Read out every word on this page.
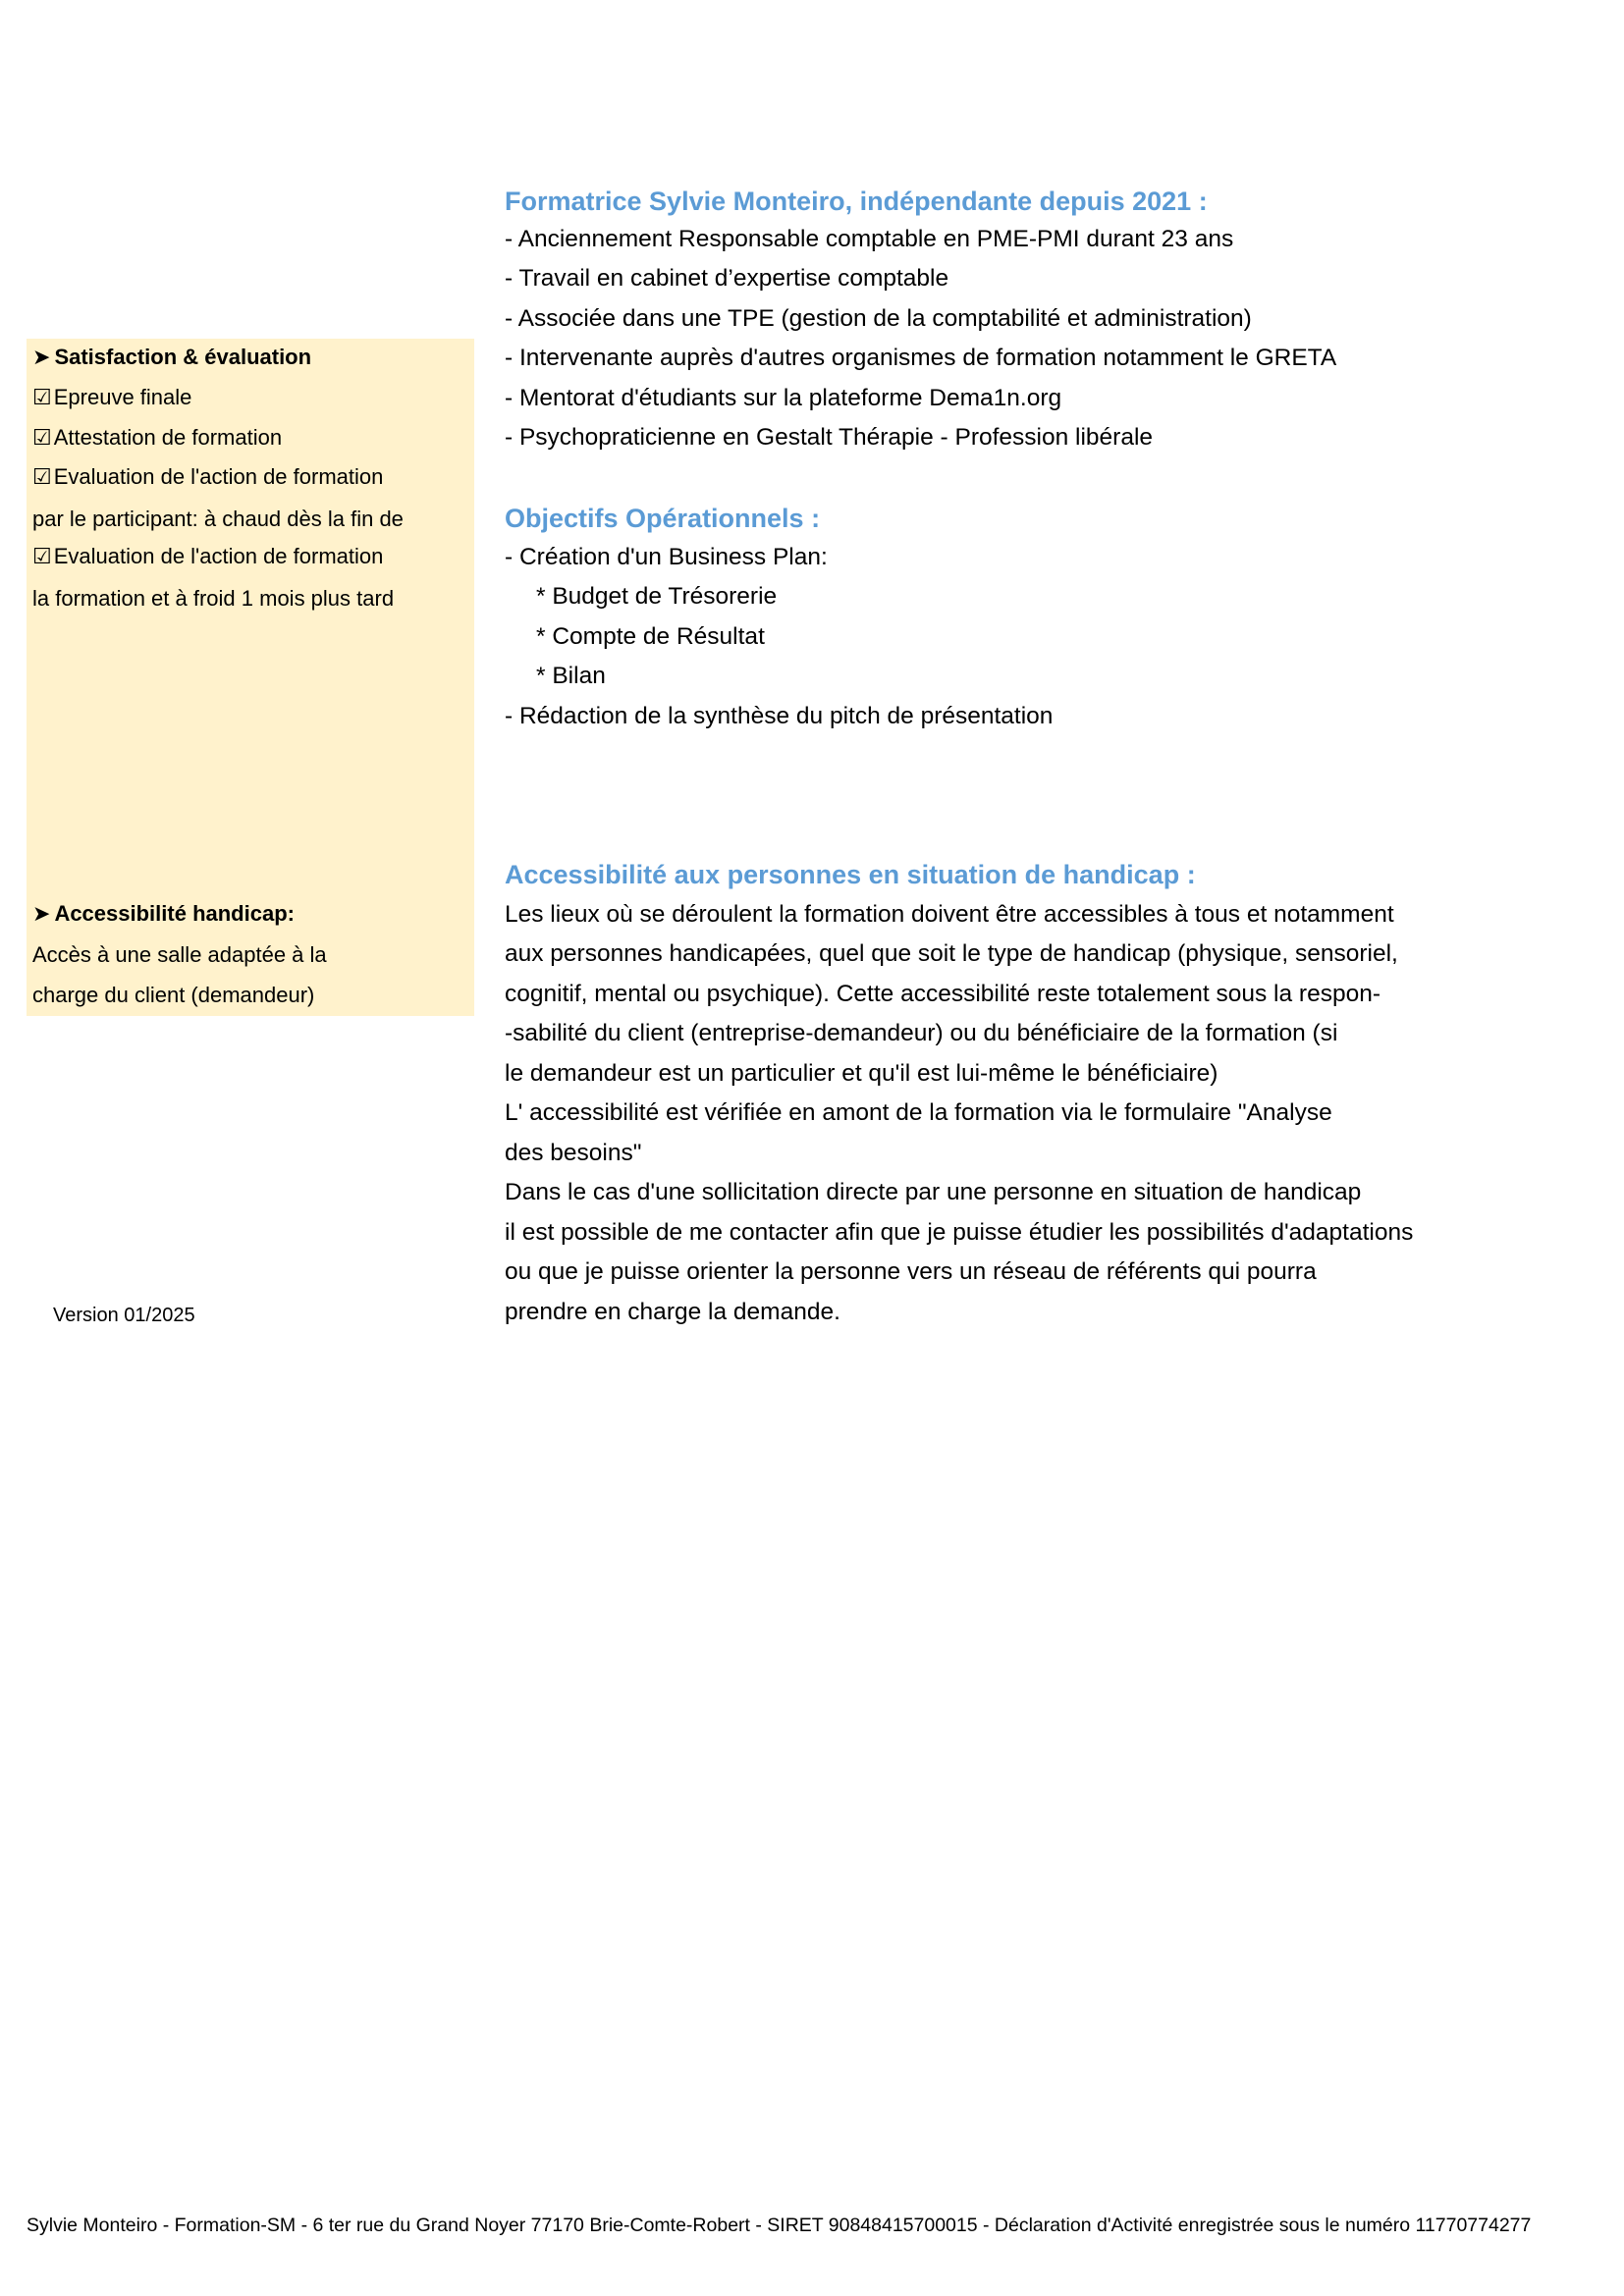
➤ Satisfaction & évaluation
☑Epreuve finale
☑Attestation de formation
☑Evaluation de l'action de formation
par le participant: à chaud dès la fin de
☑Evaluation de l'action de formation
la formation et à froid 1 mois plus tard
➤ Accessibilité handicap:
Accès à une salle adaptée à la
charge du client (demandeur)
Version 01/2025
Formatrice Sylvie Monteiro, indépendante depuis 2021 :
- Anciennement Responsable comptable en PME-PMI durant 23 ans
- Travail en cabinet d’expertise comptable
- Associée dans une TPE (gestion de la comptabilité et administration)
- Intervenante auprès d'autres organismes de formation notamment le GRETA
- Mentorat d'étudiants sur la plateforme Dema1n.org
- Psychopraticienne en Gestalt Thérapie - Profession libérale
Objectifs Opérationnels :
- Création d'un Business Plan:
* Budget de Trésorerie
* Compte de Résultat
* Bilan
- Rédaction de la synthèse du pitch de présentation
Accessibilité aux personnes en situation de handicap :
Les lieux où se déroulent la formation doivent être accessibles à tous et notamment
aux personnes handicapées, quel que soit le type de handicap (physique, sensoriel,
cognitif, mental ou psychique). Cette accessibilité reste totalement sous la respon-
-sabilité du client (entreprise-demandeur) ou du bénéficiaire de la formation (si
le demandeur est un particulier et qu'il est lui-même le bénéficiaire)
L' accessibilité est vérifiée en amont de la formation via le formulaire "Analyse
des besoins"
Dans le cas d'une sollicitation directe par une personne en situation de handicap
il est possible de me contacter afin que je puisse étudier les possibilités d'adaptations
ou que je puisse orienter la personne vers un réseau de référents qui pourra
prendre en charge la demande.
Sylvie Monteiro - Formation-SM - 6 ter rue du Grand Noyer 77170 Brie-Comte-Robert - SIRET 90848415700015 - Déclaration d'Activité enregistrée sous le numéro 11770774277
